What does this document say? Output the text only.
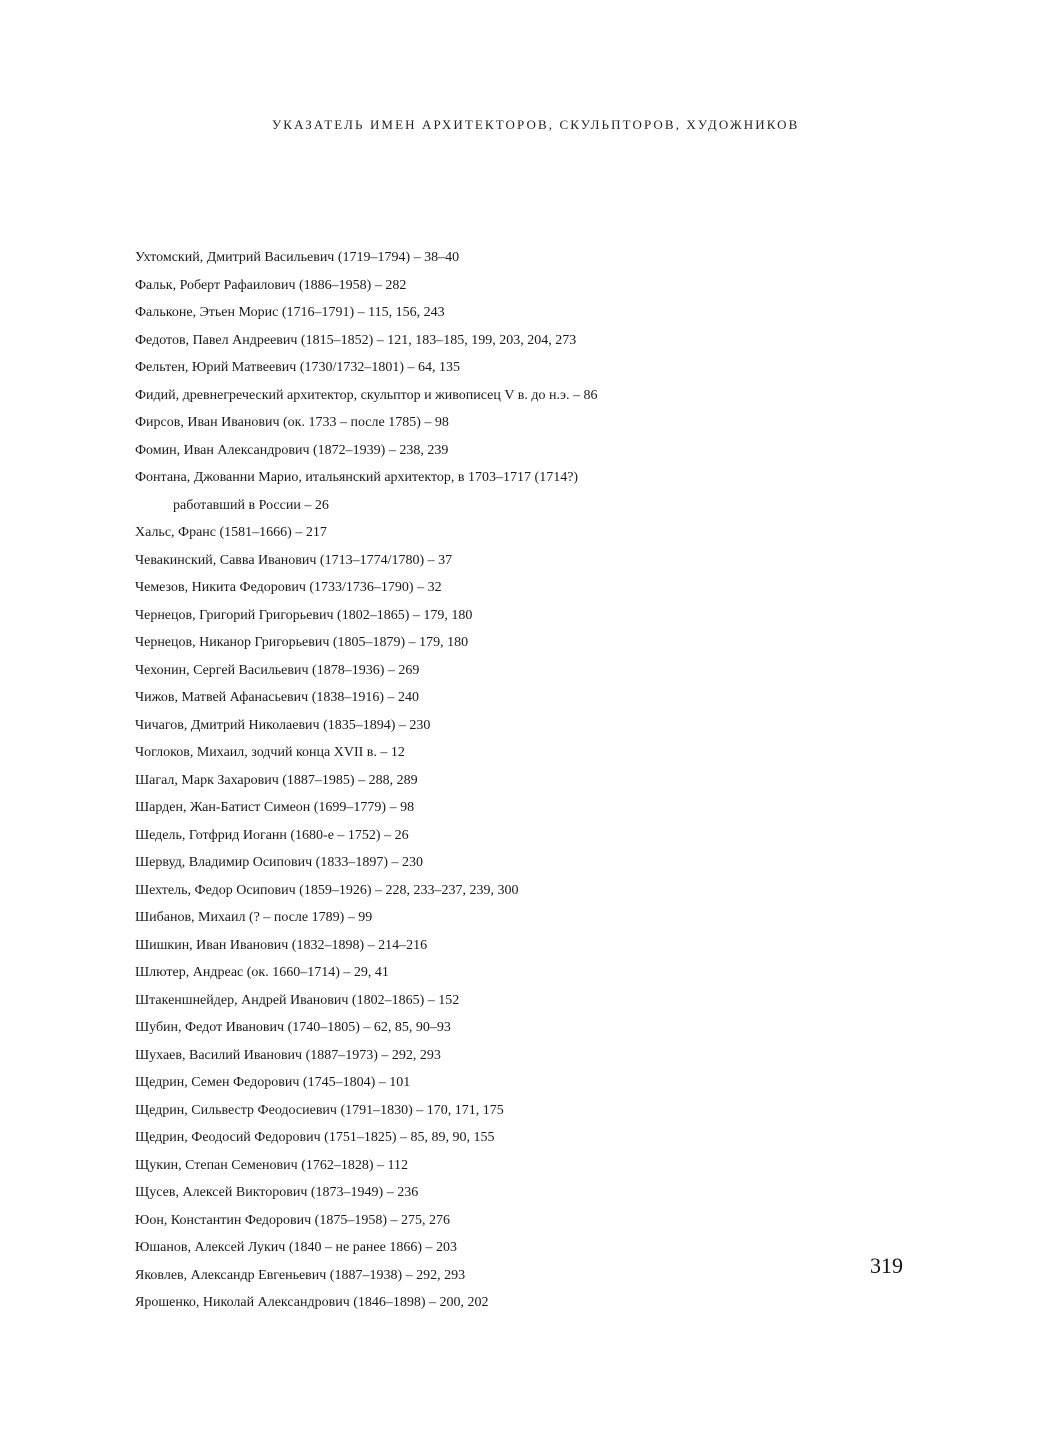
УКАЗАТЕЛЬ ИМЕН АРХИТЕКТОРОВ, СКУЛЬПТОРОВ, ХУДОЖНИКОВ
Ухтомский, Дмитрий Васильевич (1719–1794) – 38–40
Фальк, Роберт Рафаилович (1886–1958) – 282
Фальконе, Этьен Морис (1716–1791) – 115, 156, 243
Федотов, Павел Андреевич (1815–1852) – 121, 183–185, 199, 203, 204, 273
Фельтен, Юрий Матвеевич (1730/1732–1801) – 64, 135
Фидий, древнегреческий архитектор, скульптор и живописец V в. до н.э. – 86
Фирсов, Иван Иванович (ок. 1733 – после 1785) – 98
Фомин, Иван Александрович (1872–1939) – 238, 239
Фонтана, Джованни Марио, итальянский архитектор, в 1703–1717 (1714?)
работавший в России – 26
Хальс, Франс (1581–1666) – 217
Чевакинский, Савва Иванович (1713–1774/1780) – 37
Чемезов, Никита Федорович (1733/1736–1790) – 32
Чернецов, Григорий Григорьевич (1802–1865) – 179, 180
Чернецов, Никанор Григорьевич (1805–1879) – 179, 180
Чехонин, Сергей Васильевич (1878–1936) – 269
Чижов, Матвей Афанасьевич (1838–1916) – 240
Чичагов, Дмитрий Николаевич (1835–1894) – 230
Чоглоков, Михаил, зодчий конца XVII в. – 12
Шагал, Марк Захарович (1887–1985) – 288, 289
Шарден, Жан-Батист Симеон (1699–1779) – 98
Шедель, Готфрид Иоганн (1680-е – 1752) – 26
Шервуд, Владимир Осипович (1833–1897) – 230
Шехтель, Федор Осипович (1859–1926) – 228, 233–237, 239, 300
Шибанов, Михаил (? – после 1789) – 99
Шишкин, Иван Иванович (1832–1898) – 214–216
Шлютер, Андреас (ок. 1660–1714) – 29, 41
Штакеншнейдер, Андрей Иванович (1802–1865) – 152
Шубин, Федот Иванович (1740–1805) – 62, 85, 90–93
Шухаев, Василий Иванович (1887–1973) – 292, 293
Щедрин, Семен Федорович (1745–1804) – 101
Щедрин, Сильвестр Феодосиевич (1791–1830) – 170, 171, 175
Щедрин, Феодосий Федорович (1751–1825) – 85, 89, 90, 155
Щукин, Степан Семенович (1762–1828) – 112
Щусев, Алексей Викторович (1873–1949) – 236
Юон, Константин Федорович (1875–1958) – 275, 276
Юшанов, Алексей Лукич (1840 – не ранее 1866) – 203
Яковлев, Александр Евгеньевич (1887–1938) – 292, 293
Ярошенко, Николай Александрович (1846–1898) – 200, 202
319
